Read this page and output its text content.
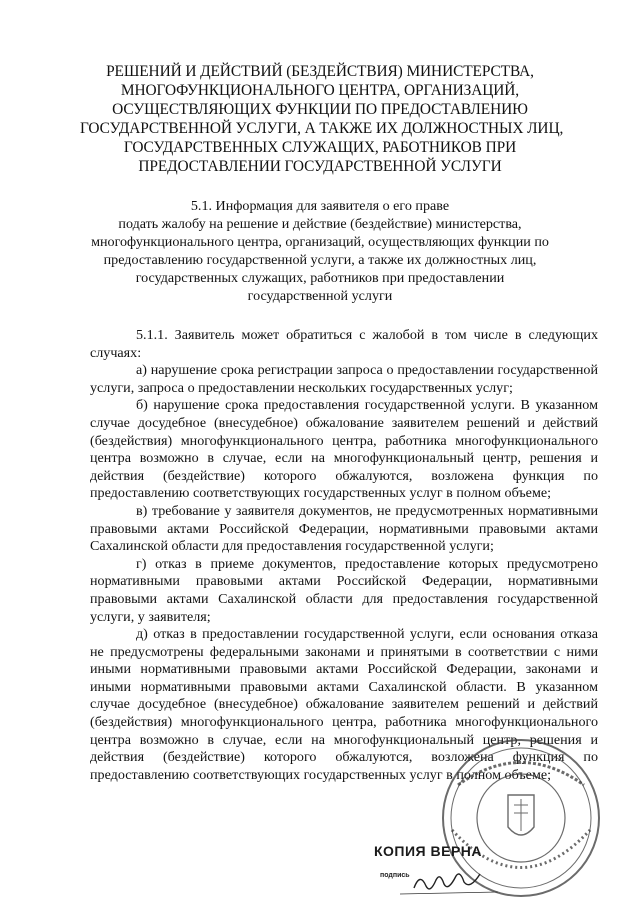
РЕШЕНИЙ И ДЕЙСТВИЙ (БЕЗДЕЙСТВИЯ) МИНИСТЕРСТВА,
МНОГОФУНКЦИОНАЛЬНОГО ЦЕНТРА, ОРГАНИЗАЦИЙ,
ОСУЩЕСТВЛЯЮЩИХ ФУНКЦИИ ПО ПРЕДОСТАВЛЕНИЮ
ГОСУДАРСТВЕННОЙ УСЛУГИ, А ТАКЖЕ ИХ ДОЛЖНОСТНЫХ ЛИЦ,
ГОСУДАРСТВЕННЫХ СЛУЖАЩИХ, РАБОТНИКОВ ПРИ
ПРЕДОСТАВЛЕНИИ ГОСУДАРСТВЕННОЙ УСЛУГИ
5.1. Информация для заявителя о его праве
подать жалобу на решение и действие (бездействие) министерства,
многофункционального центра, организаций, осуществляющих функции по
предоставлению государственной услуги, а также их должностных лиц,
государственных служащих, работников при предоставлении
государственной услуги

5.1.1. Заявитель может обратиться с жалобой в том числе в следующих случаях:

а) нарушение срока регистрации запроса о предоставлении государственной услуги, запроса о предоставлении нескольких государственных услуг;

б) нарушение срока предоставления государственной услуги. В указанном случае досудебное (внесудебное) обжалование заявителем решений и действий (бездействия) многофункционального центра, работника многофункционального центра возможно в случае, если на многофункциональный центр, решения и действия (бездействие) которого обжалуются, возложена функция по предоставлению соответствующих государственных услуг в полном объеме;

в) требование у заявителя документов, не предусмотренных нормативными правовыми актами Российской Федерации, нормативными правовыми актами Сахалинской области для предоставления государственной услуги;

г) отказ в приеме документов, предоставление которых предусмотрено нормативными правовыми актами Российской Федерации, нормативными правовыми актами Сахалинской области для предоставления государственной услуги, у заявителя;

д) отказ в предоставлении государственной услуги, если основания отказа не предусмотрены федеральными законами и принятыми в соответствии с ними иными нормативными правовыми актами Российской Федерации, законами и иными нормативными правовыми актами Сахалинской области. В указанном случае досудебное (внесудебное) обжалование заявителем решений и действий (бездействия) многофункционального центра, работника многофункционального центра возможно в случае, если на многофункциональный центр, решения и действия (бездействие) которого обжалуются, возложена функция по предоставлению соответствующих государственных услуг в полном объеме;

КОПИЯ ВЕРНА
подпись
